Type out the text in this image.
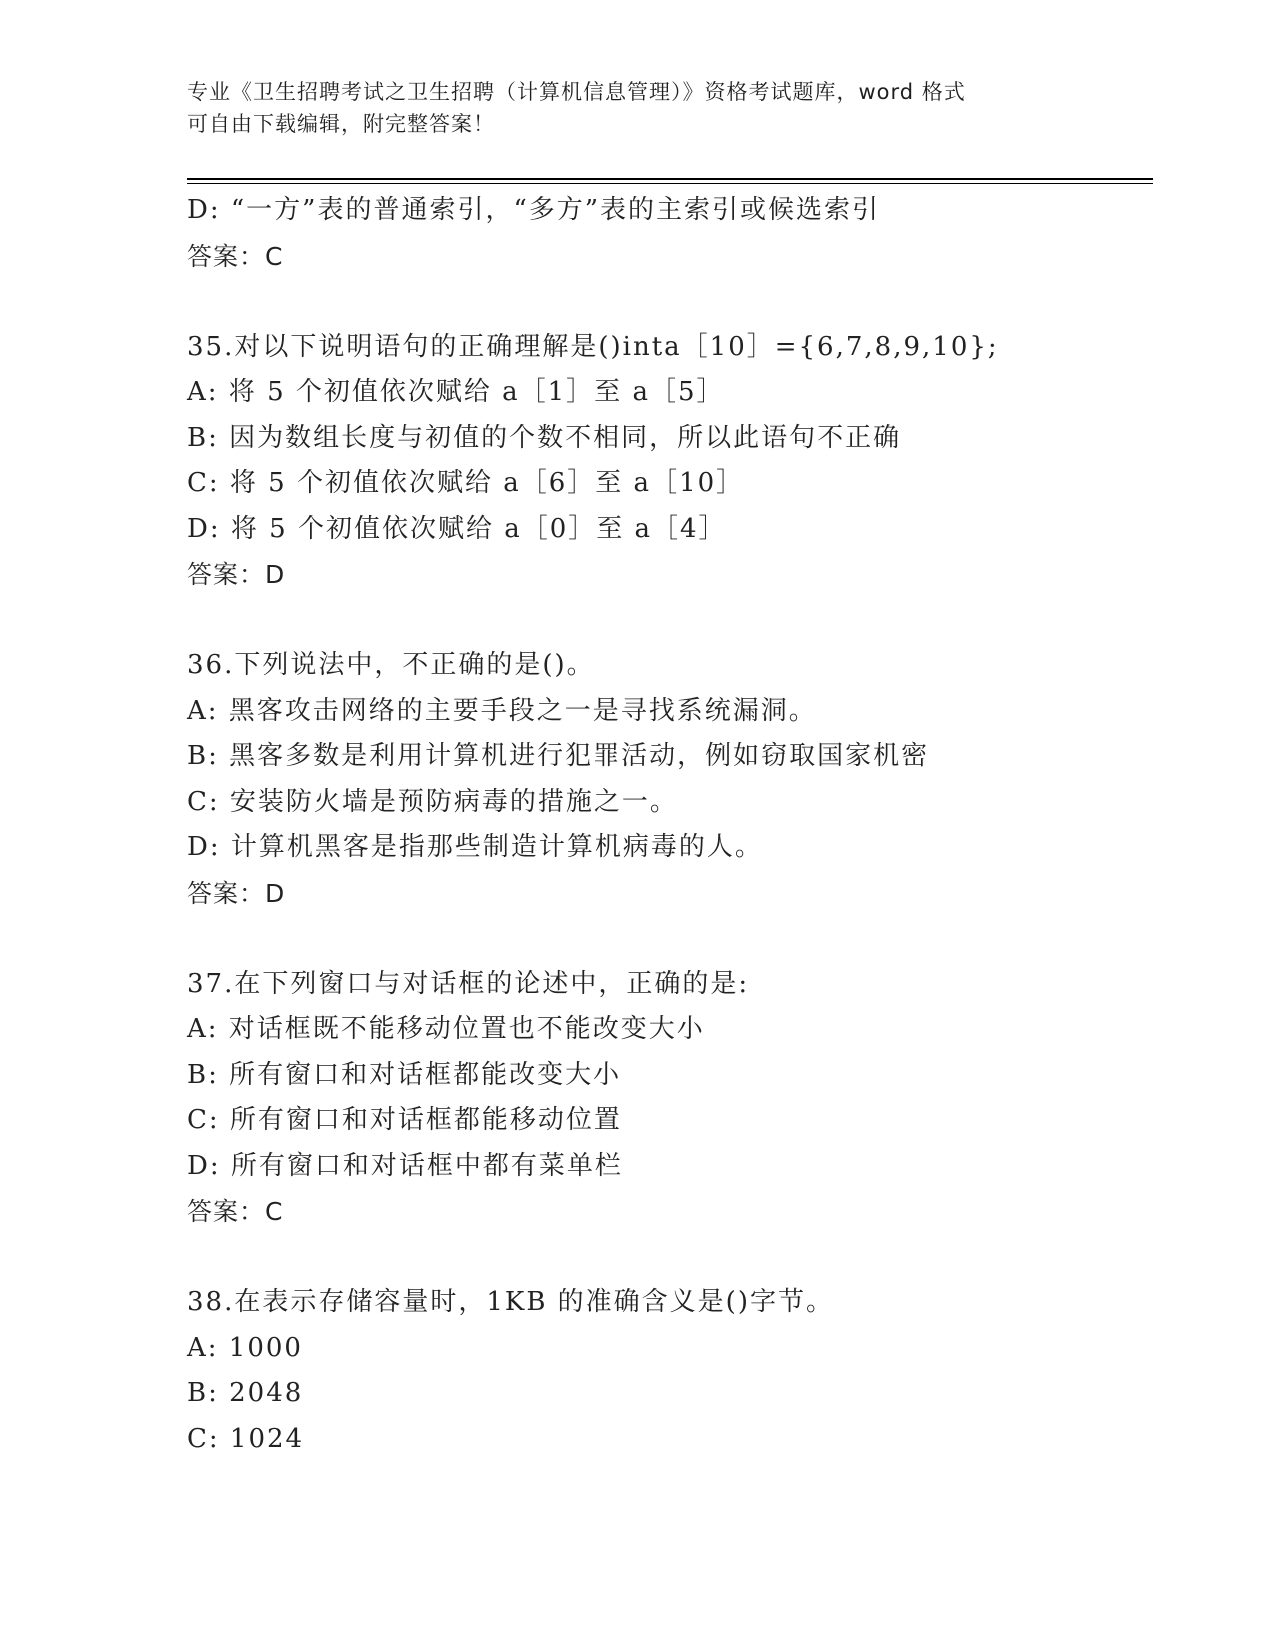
专业《卫生招聘考试之卫生招聘（计算机信息管理）》资格考试题库，word 格式
可自由下载编辑，附完整答案！
D: “一方”表的普通索引，“多方”表的主索引或候选索引
答案：C
35.对以下说明语句的正确理解是()inta［10］={6,7,8,9,10};
A: 将 5 个初值依次赋给 a［1］至 a［5］
B: 因为数组长度与初值的个数不相同，所以此语句不正确
C: 将 5 个初值依次赋给 a［6］至 a［10］
D: 将 5 个初值依次赋给 a［0］至 a［4］
答案：D
36.下列说法中，不正确的是()。
A: 黑客攻击网络的主要手段之一是寻找系统漏洞。
B: 黑客多数是利用计算机进行犯罪活动，例如窃取国家机密
C: 安装防火墙是预防病毒的措施之一。
D: 计算机黑客是指那些制造计算机病毒的人。
答案：D
37.在下列窗口与对话框的论述中，正确的是:
A: 对话框既不能移动位置也不能改变大小
B: 所有窗口和对话框都能改变大小
C: 所有窗口和对话框都能移动位置
D: 所有窗口和对话框中都有菜单栏
答案：C
38.在表示存储容量时，1KB 的准确含义是()字节。
A: 1000
B: 2048
C: 1024
